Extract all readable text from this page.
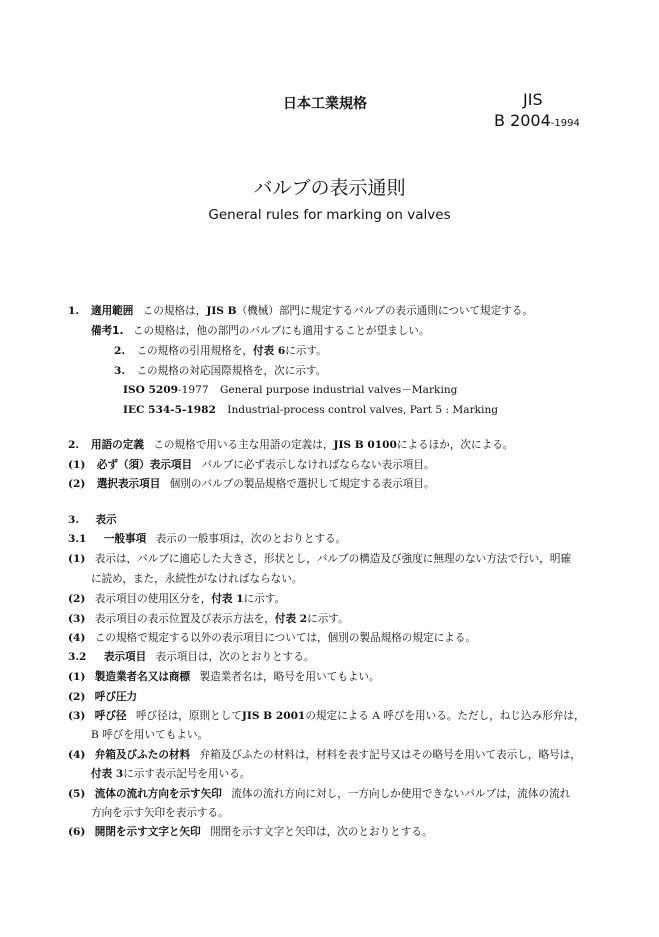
日本工業規格	JIS
B 2004-1994
バルブの表示通則
General rules for marking on valves
1. 適用範囲 この規格は，JIS B（機械）部門に規定するバルブの表示通則について規定する。
備考1. この規格は，他の部門のバルブにも適用することが望ましい。
2. この規格の引用規格を，付表 6に示す。
3. この規格の対応国際規格を，次に示す。
ISO 5209-1977 General purpose industrial valves－Marking
IEC 534-5-1982 Industrial-process control valves, Part 5 : Marking
2. 用語の定義 この規格で用いる主な用語の定義は，JIS B 0100によるほか，次による。
(1) 必ず（須）表示項目 バルブに必ず表示しなければならない表示項目。
(2) 選択表示項目 個別のバルブの製品規格で選択して規定する表示項目。
3. 表示
3.1 一般事項 表示の一般事項は，次のとおりとする。
(1) 表示は，バルブに適応した大きさ，形状とし，バルブの構造及び強度に無理のない方法で行い，明確
に読め，また，永続性がなければならない。
(2) 表示項目の使用区分を，付表 1に示す。
(3) 表示項目の表示位置及び表示方法を，付表 2に示す。
(4) この規格で規定する以外の表示項目については，個別の製品規格の規定による。
3.2 表示項目 表示項目は，次のとおりとする。
(1) 製造業者名又は商標 製造業者名は，略号を用いてもよい。
(2) 呼び圧力
(3) 呼び径 呼び径は，原則としてJIS B 2001の規定による A 呼びを用いる。ただし，ねじ込み形弁は，
B 呼びを用いてもよい。
(4) 弁箱及びふたの材料 弁箱及びふたの材料は，材料を表す記号又はその略号を用いて表示し，略号は，
付表 3に示す表示記号を用いる。
(5) 流体の流れ方向を示す矢印 流体の流れ方向に対し，一方向しか使用できないバルブは，流体の流れ
方向を示す矢印を表示する。
(6) 開閉を示す文字と矢印 開閉を示す文字と矢印は，次のとおりとする。
